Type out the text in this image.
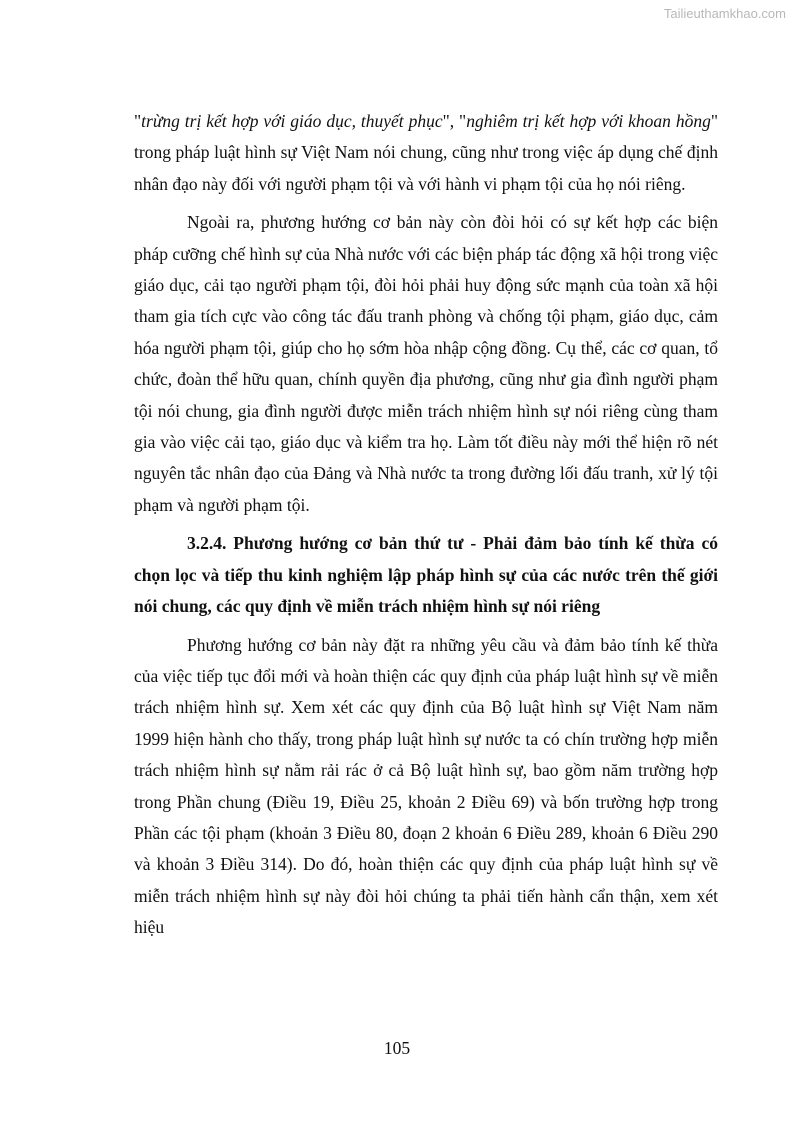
Tailieuthamkhao.com

"trừng trị kết hợp với giáo dục, thuyết phục", "nghiêm trị kết hợp với khoan hồng" trong pháp luật hình sự Việt Nam nói chung, cũng như trong việc áp dụng chế định nhân đạo này đối với người phạm tội và với hành vi phạm tội của họ nói riêng.

Ngoài ra, phương hướng cơ bản này còn đòi hỏi có sự kết hợp các biện pháp cưỡng chế hình sự của Nhà nước với các biện pháp tác động xã hội trong việc giáo dục, cải tạo người phạm tội, đòi hỏi phải huy động sức mạnh của toàn xã hội tham gia tích cực vào công tác đấu tranh phòng và chống tội phạm, giáo dục, cảm hóa người phạm tội, giúp cho họ sớm hòa nhập cộng đồng. Cụ thể, các cơ quan, tổ chức, đoàn thể hữu quan, chính quyền địa phương, cũng như gia đình người phạm tội nói chung, gia đình người được miễn trách nhiệm hình sự nói riêng cùng tham gia vào việc cải tạo, giáo dục và kiểm tra họ. Làm tốt điều này mới thể hiện rõ nét nguyên tắc nhân đạo của Đảng và Nhà nước ta trong đường lối đấu tranh, xử lý tội phạm và người phạm tội.

3.2.4. Phương hướng cơ bản thứ tư - Phải đảm bảo tính kế thừa có chọn lọc và tiếp thu kinh nghiệm lập pháp hình sự của các nước trên thế giới nói chung, các quy định về miễn trách nhiệm hình sự nói riêng

Phương hướng cơ bản này đặt ra những yêu cầu và đảm bảo tính kế thừa của việc tiếp tục đổi mới và hoàn thiện các quy định của pháp luật hình sự về miễn trách nhiệm hình sự. Xem xét các quy định của Bộ luật hình sự Việt Nam năm 1999 hiện hành cho thấy, trong pháp luật hình sự nước ta có chín trường hợp miễn trách nhiệm hình sự nằm rải rác ở cả Bộ luật hình sự, bao gồm năm trường hợp trong Phần chung (Điều 19, Điều 25, khoản 2 Điều 69) và bốn trường hợp trong Phần các tội phạm (khoản 3 Điều 80, đoạn 2 khoản 6 Điều 289, khoản 6 Điều 290 và khoản 3 Điều 314). Do đó, hoàn thiện các quy định của pháp luật hình sự về miễn trách nhiệm hình sự này đòi hỏi chúng ta phải tiến hành cẩn thận, xem xét hiệu

105
